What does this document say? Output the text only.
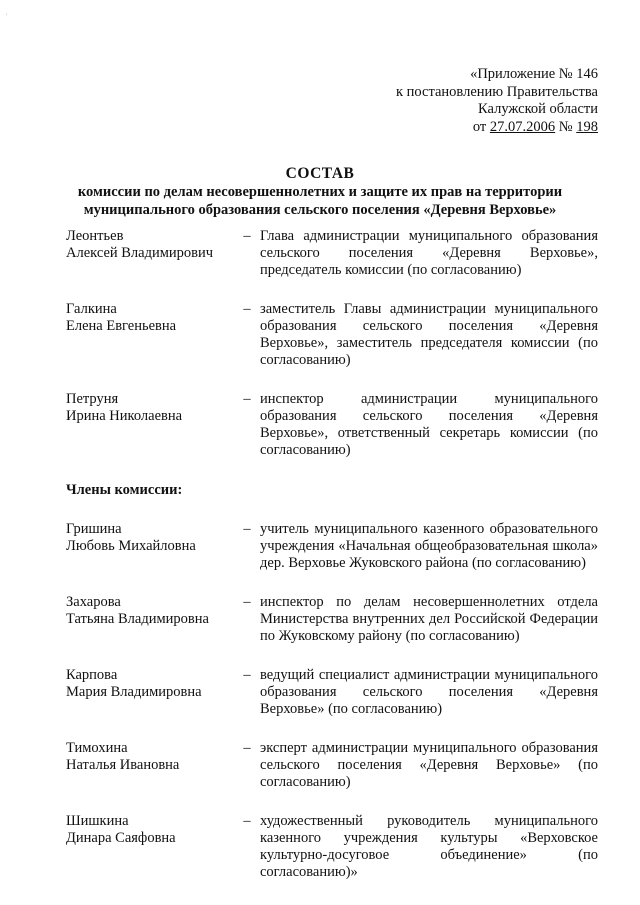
'
«Приложение № 146
к постановлению Правительства
Калужской области
от 27.07.2006 № 198
СОСТАВ
комиссии по делам несовершеннолетних и защите их прав на территории
муниципального образования сельского поселения «Деревня Верховье»
Леонтьев
Алексей Владимирович
– Глава администрации муниципального образования сельского поселения «Деревня Верховье», председатель комиссии (по согласованию)
Галкина
Елена Евгеньевна
– заместитель Главы администрации муниципального образования сельского поселения «Деревня Верховье», заместитель председателя комиссии (по согласованию)
Петруня
Ирина Николаевна
– инспектор администрации муниципального образования сельского поселения «Деревня Верховье», ответственный секретарь комиссии (по согласованию)
Члены комиссии:
Гришина
Любовь Михайловна
– учитель муниципального казенного образовательного учреждения «Начальная общеобразовательная школа» дер. Верховье Жуковского района (по согласованию)
Захарова
Татьяна Владимировна
– инспектор по делам несовершеннолетних отдела Министерства внутренних дел Российской Федерации по Жуковскому району (по согласованию)
Карпова
Мария Владимировна
– ведущий специалист администрации муниципального образования сельского поселения «Деревня Верховье» (по согласованию)
Тимохина
Наталья Ивановна
– эксперт администрации муниципального образования сельского поселения «Деревня Верховье» (по согласованию)
Шишкина
Динара Саяфовна
– художественный руководитель муниципального казенного учреждения культуры «Верховское культурно-досуговое объединение» (по согласованию)»
